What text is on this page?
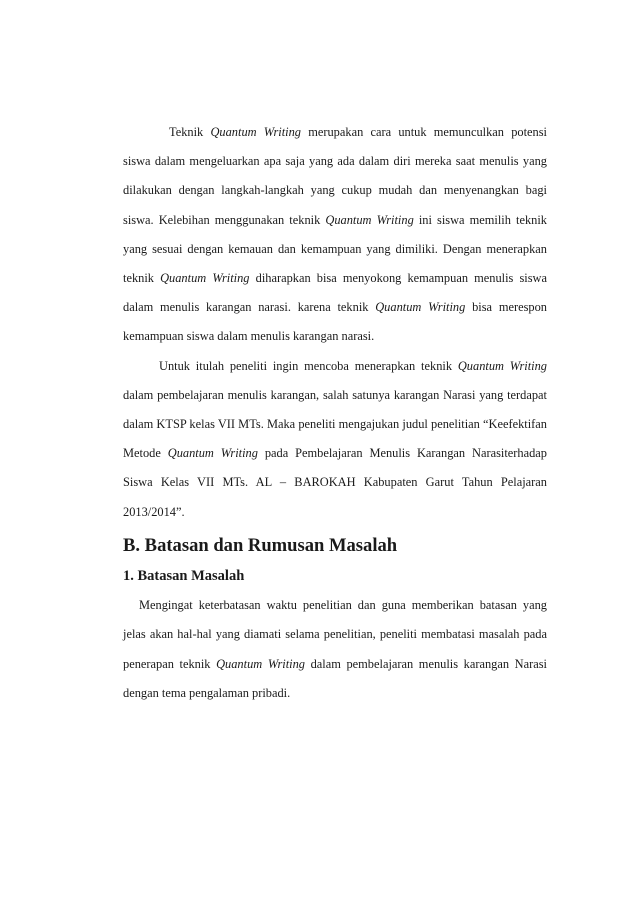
Teknik Quantum Writing merupakan cara untuk memunculkan potensi siswa dalam mengeluarkan apa saja yang ada dalam diri mereka saat menulis yang dilakukan dengan langkah-langkah yang cukup mudah dan menyenangkan bagi siswa. Kelebihan menggunakan teknik Quantum Writing ini siswa memilih teknik yang sesuai dengan kemauan dan kemampuan yang dimiliki. Dengan menerapkan teknik Quantum Writing diharapkan bisa menyokong kemampuan menulis siswa dalam menulis karangan narasi. karena teknik Quantum Writing bisa merespon kemampuan siswa dalam menulis karangan narasi.

Untuk itulah peneliti ingin mencoba menerapkan teknik Quantum Writing dalam pembelajaran menulis karangan, salah satunya karangan Narasi yang terdapat dalam KTSP kelas VII MTs. Maka peneliti mengajukan judul penelitian “Keefektifan Metode Quantum Writing pada Pembelajaran Menulis Karangan Narasiterhadap Siswa Kelas VII MTs. AL – BAROKAH Kabupaten Garut Tahun Pelajaran 2013/2014”.

B. Batasan dan Rumusan Masalah
1. Batasan Masalah

Mengingat keterbatasan waktu penelitian dan guna memberikan batasan yang jelas akan hal-hal yang diamati selama penelitian, peneliti membatasi masalah pada penerapan teknik Quantum Writing dalam pembelajaran menulis karangan Narasi dengan tema pengalaman pribadi.
